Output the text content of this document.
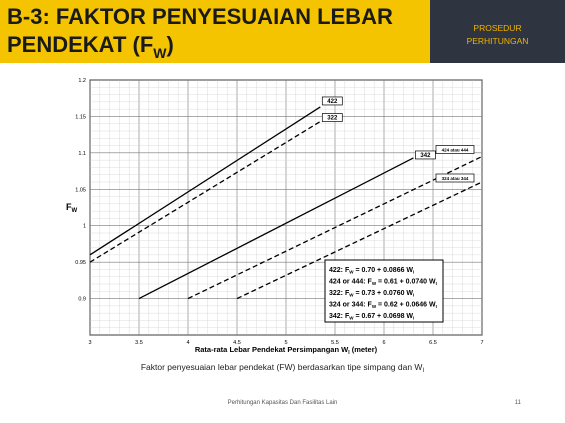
B-3: FAKTOR PENYESUAIAN LEBAR PENDEKAT $(F_W)$
PROSEDUR
PERHITUNGAN
3	3.5	4	4.5	5	5.5	6	6.5	7
1.2
1.15
1.1
1.05
1
0.95
0.9
422
322
342
424 atau 444
324 atau 344
422: $F_W = 0.70 + 0.0866$ $W_I$
424 or 444: $F_W = 0.61 + 0.0740$ $W_I$
322: $F_W = 0.73 + 0.0760$ $W_I$
324 or 344: $F_W = 0.62 + 0.0646$ $W_I$
342: $F_W = 0.67 + 0.0698$ $W_I$
$F_W$
Rata-rata Lebar Pendekat Persimpangan $W_I$ (meter)
Faktor penyesuaian lebar pendekat (FW) berdasarkan tipe simpang dan $W_I$
Perhitungan Kapasitas Dan Fasilitas Lain	11
